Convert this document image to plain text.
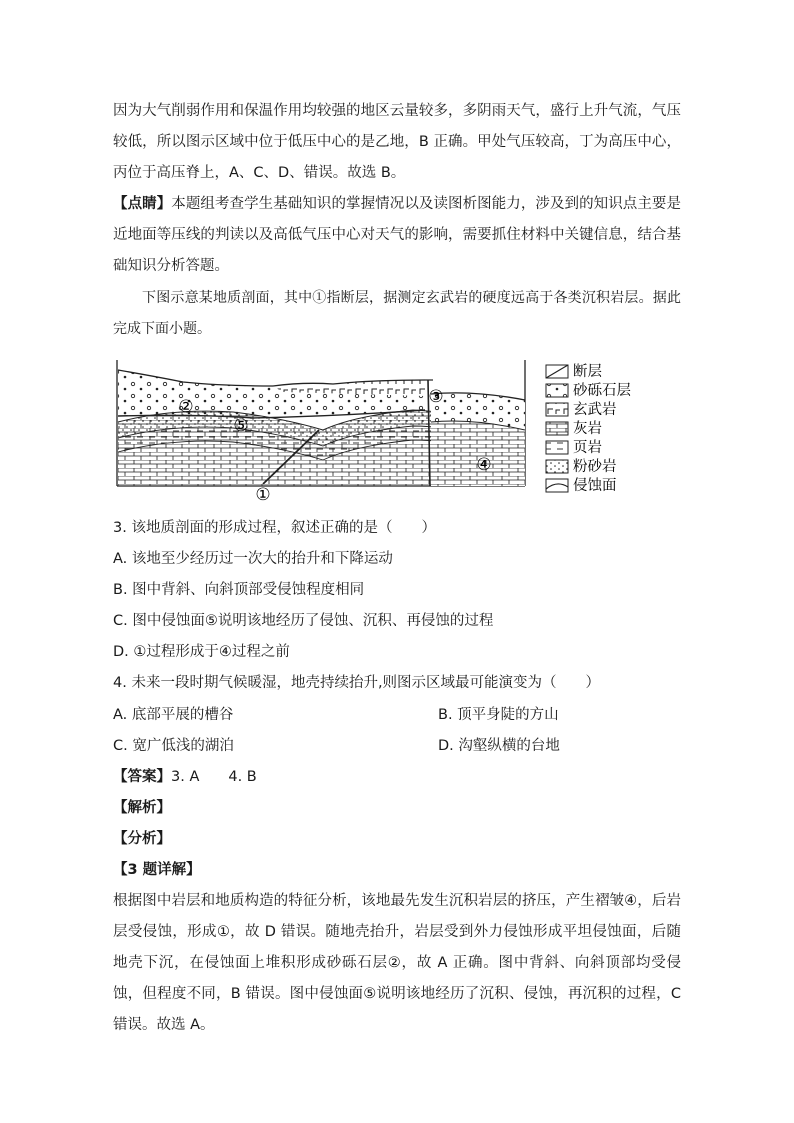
因为大气削弱作用和保温作用均较强的地区云量较多，多阴雨天气，盛行上升气流，气压较低，所以图示区域中位于低压中心的是乙地，B 正确。甲处气压较高，丁为高压中心，丙位于高压脊上，A、C、D、错误。故选 B。

【点睛】本题组考查学生基础知识的掌握情况以及读图析图能力，涉及到的知识点主要是近地面等压线的判读以及高低气压中心对天气的影响，需要抓住材料中关键信息，结合基础知识分析答题。

下图示意某地质剖面，其中①指断层，据测定玄武岩的硬度远高于各类沉积岩层。据此完成下面小题。

②
⑤
③
④
①
断层
砂砾石层
玄武岩
灰岩
页岩
粉砂岩
侵蚀面
3. 该地质剖面的形成过程，叙述正确的是（　　）
A. 该地至少经历过一次大的抬升和下降运动
B. 图中背斜、向斜顶部受侵蚀程度相同
C. 图中侵蚀面⑤说明该地经历了侵蚀、沉积、再侵蚀的过程
D. ①过程形成于④过程之前
4. 未来一段时期气候暖湿，地壳持续抬升,则图示区域最可能演变为（　　）
A. 底部平展的槽谷	B. 顶平身陡的方山
C. 宽广低浅的湖泊	D. 沟壑纵横的台地
【答案】3. A　　4. B
【解析】
【分析】
【3 题详解】

根据图中岩层和地质构造的特征分析，该地最先发生沉积岩层的挤压，产生褶皱④，后岩层受侵蚀，形成①，故 D 错误。随地壳抬升，岩层受到外力侵蚀形成平坦侵蚀面，后随地壳下沉，在侵蚀面上堆积形成砂砾石层②，故 A 正确。图中背斜、向斜顶部均受侵蚀，但程度不同，B 错误。图中侵蚀面⑤说明该地经历了沉积、侵蚀，再沉积的过程，C 错误。故选 A。
